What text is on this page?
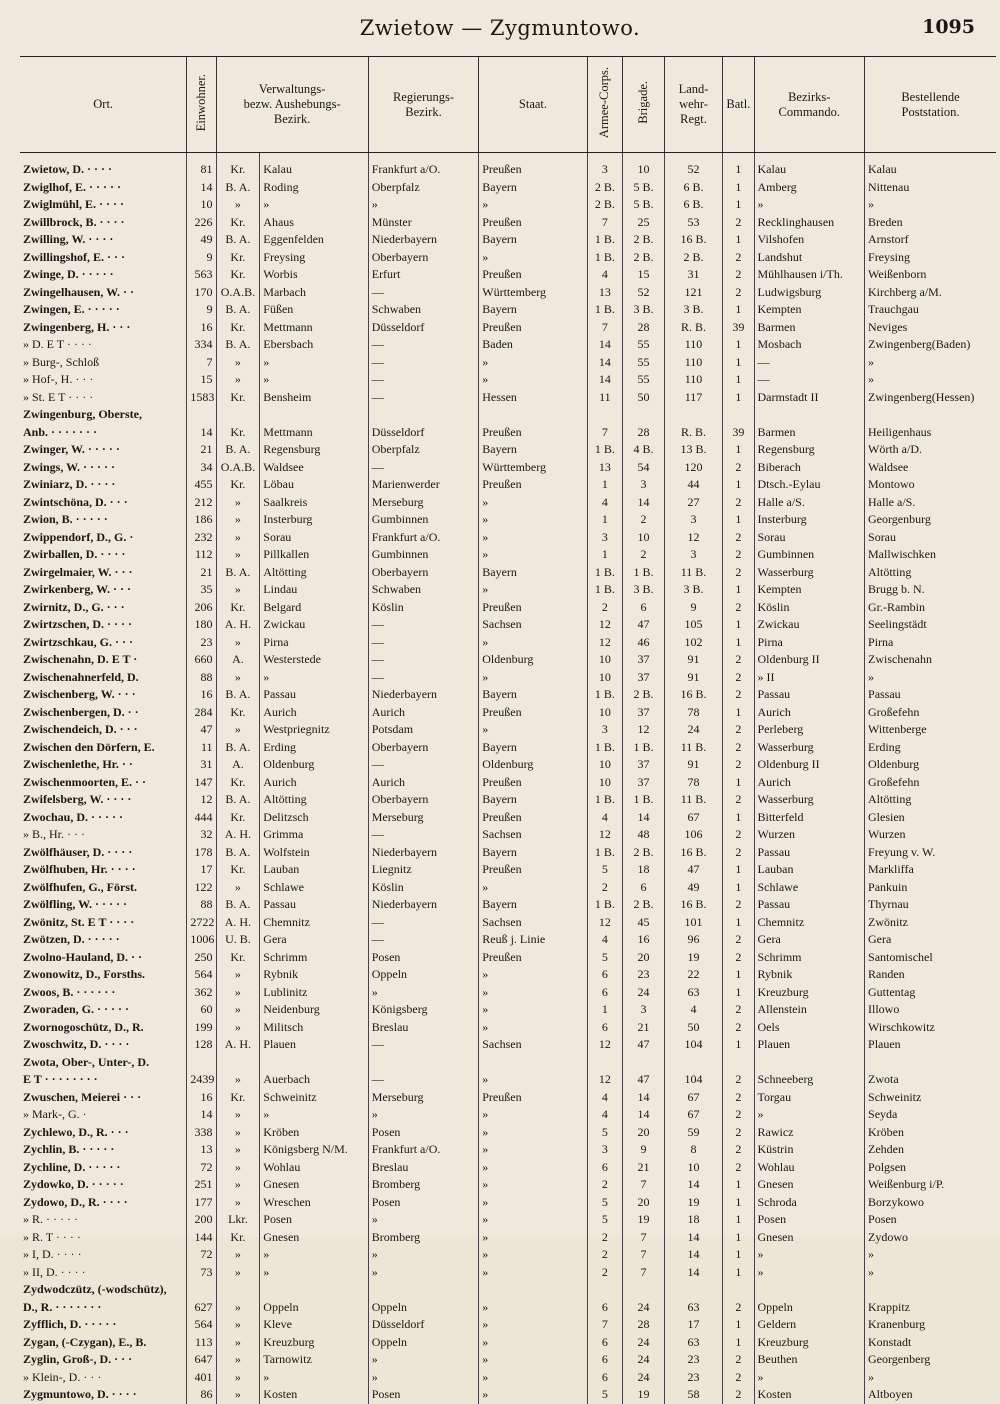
Zwietow — Zygmuntowo.	1095
Ort.	Einwohner.	Verwaltungs-
bezw. Aushebungs-
Bezirk.		Regierungs-
Bezirk.	Staat.	Armee-Corps.	Brigade.	Land-
wehr-
Regt.	Batl.	Bezirks-
Commando.	Bestellende
Poststation.
Zwietow, D. · · · ·	81	Kr.	Kalau	Frankfurt a/O.	Preußen	3	10	52	1	Kalau	Kalau
Zwiglhof, E. · · · · ·	14	B. A.	Roding	Oberpfalz	Bayern	2 B.	5 B.	6 B.	1	Amberg	Nittenau
Zwiglmühl, E. · · · ·	10	»	»	»	»	2 B.	5 B.	6 B.	1	»	»
Zwillbrock, B. · · · ·	226	Kr.	Ahaus	Münster	Preußen	7	25	53	2	Recklinghausen	Breden
Zwilling, W. · · · ·	49	B. A.	Eggenfelden	Niederbayern	Bayern	1 B.	2 B.	16 B.	1	Vilshofen	Arnstorf
Zwillingshof, E. · · ·	9	Kr.	Freysing	Oberbayern	»	1 B.	2 B.	2 B.	2	Landshut	Freysing
Zwinge, D. · · · · ·	563	Kr.	Worbis	Erfurt	Preußen	4	15	31	2	Mühlhausen i/Th.	Weißenborn
Zwingelhausen, W. · ·	170	O.A.B.	Marbach	—	Württemberg	13	52	121	2	Ludwigsburg	Kirchberg a/M.
Zwingen, E. · · · · ·	9	B. A.	Füßen	Schwaben	Bayern	1 B.	3 B.	3 B.	1	Kempten	Trauchgau
Zwingenberg, H. · · ·	16	Kr.	Mettmann	Düsseldorf	Preußen	7	28	R. B.	39	Barmen	Neviges
» D. E T · · · ·	334	B. A.	Ebersbach	—	Baden	14	55	110	1	Mosbach	Zwingenberg(Baden)
» Burg-, Schloß	7	»	»	—	»	14	55	110	1	—	»
» Hof-, H. · · ·	15	»	»	—	»	14	55	110	1	—	»
» St. E T · · · ·	1583	Kr.	Bensheim	—	Hessen	11	50	117	1	Darmstadt II	Zwingenberg(Hessen)
Zwingenburg, Oberste,											
Anb. · · · · · · ·	14	Kr.	Mettmann	Düsseldorf	Preußen	7	28	R. B.	39	Barmen	Heiligenhaus
Zwinger, W. · · · · ·	21	B. A.	Regensburg	Oberpfalz	Bayern	1 B.	4 B.	13 B.	1	Regensburg	Wörth a/D.
Zwings, W. · · · · ·	34	O.A.B.	Waldsee	—	Württemberg	13	54	120	2	Biberach	Waldsee
Zwiniarz, D. · · · ·	455	Kr.	Löbau	Marienwerder	Preußen	1	3	44	1	Dtsch.-Eylau	Montowo
Zwintschöna, D. · · ·	212	»	Saalkreis	Merseburg	»	4	14	27	2	Halle a/S.	Halle a/S.
Zwion, B. · · · · ·	186	»	Insterburg	Gumbinnen	»	1	2	3	1	Insterburg	Georgenburg
Zwippendorf, D., G. ·	232	»	Sorau	Frankfurt a/O.	»	3	10	12	2	Sorau	Sorau
Zwirballen, D. · · · ·	112	»	Pillkallen	Gumbinnen	»	1	2	3	2	Gumbinnen	Mallwischken
Zwirgelmaier, W. · · ·	21	B. A.	Altötting	Oberbayern	Bayern	1 B.	1 B.	11 B.	2	Wasserburg	Altötting
Zwirkenberg, W. · · ·	35	»	Lindau	Schwaben	»	1 B.	3 B.	3 B.	1	Kempten	Brugg b. N.
Zwirnitz, D., G. · · ·	206	Kr.	Belgard	Köslin	Preußen	2	6	9	2	Köslin	Gr.-Rambin
Zwirtzschen, D. · · · ·	180	A. H.	Zwickau	—	Sachsen	12	47	105	1	Zwickau	Seelingstädt
Zwirtzschkau, G. · · ·	23	»	Pirna	—	»	12	46	102	1	Pirna	Pirna
Zwischenahn, D. E T ·	660	A.	Westerstede	—	Oldenburg	10	37	91	2	Oldenburg II	Zwischenahn
Zwischenahnerfeld, D.	88	»	»	—	»	10	37	91	2	» II	»
Zwischenberg, W. · · ·	16	B. A.	Passau	Niederbayern	Bayern	1 B.	2 B.	16 B.	2	Passau	Passau
Zwischenbergen, D. · ·	284	Kr.	Aurich	Aurich	Preußen	10	37	78	1	Aurich	Großefehn
Zwischendeich, D. · · ·	47	»	Westpriegnitz	Potsdam	»	3	12	24	2	Perleberg	Wittenberge
Zwischen den Dörfern, E.	11	B. A.	Erding	Oberbayern	Bayern	1 B.	1 B.	11 B.	2	Wasserburg	Erding
Zwischenlethe, Hr. · ·	31	A.	Oldenburg	—	Oldenburg	10	37	91	2	Oldenburg II	Oldenburg
Zwischenmoorten, E. · ·	147	Kr.	Aurich	Aurich	Preußen	10	37	78	1	Aurich	Großefehn
Zwifelsberg, W. · · · ·	12	B. A.	Altötting	Oberbayern	Bayern	1 B.	1 B.	11 B.	2	Wasserburg	Altötting
Zwochau, D. · · · · ·	444	Kr.	Delitzsch	Merseburg	Preußen	4	14	67	1	Bitterfeld	Glesien
» B., Hr. · · ·	32	A. H.	Grimma	—	Sachsen	12	48	106	2	Wurzen	Wurzen
Zwölfhäuser, D. · · · ·	178	B. A.	Wolfstein	Niederbayern	Bayern	1 B.	2 B.	16 B.	2	Passau	Freyung v. W.
Zwölfhuben, Hr. · · · ·	17	Kr.	Lauban	Liegnitz	Preußen	5	18	47	1	Lauban	Markliffa
Zwölfhufen, G., Först.	122	»	Schlawe	Köslin	»	2	6	49	1	Schlawe	Pankuin
Zwölfling, W. · · · · ·	88	B. A.	Passau	Niederbayern	Bayern	1 B.	2 B.	16 B.	2	Passau	Thyrnau
Zwönitz, St. E T · · · ·	2722	A. H.	Chemnitz	—	Sachsen	12	45	101	1	Chemnitz	Zwönitz
Zwötzen, D. · · · · ·	1006	U. B.	Gera	—	Reuß j. Linie	4	16	96	2	Gera	Gera
Zwolno-Hauland, D. · ·	250	Kr.	Schrimm	Posen	Preußen	5	20	19	2	Schrimm	Santomischel
Zwonowitz, D., Forsths.	564	»	Rybnik	Oppeln	»	6	23	22	1	Rybnik	Randen
Zwoos, B. · · · · · ·	362	»	Lublinitz	»	»	6	24	63	1	Kreuzburg	Guttentag
Zworaden, G. · · · · ·	60	»	Neidenburg	Königsberg	»	1	3	4	2	Allenstein	Illowo
Zwornogoschütz, D., R.	199	»	Militsch	Breslau	»	6	21	50	2	Oels	Wirschkowitz
Zwoschwitz, D. · · · ·	128	A. H.	Plauen	—	Sachsen	12	47	104	1	Plauen	Plauen
Zwota, Ober-, Unter-, D.											
E T · · · · · · · ·	2439	»	Auerbach	—	»	12	47	104	2	Schneeberg	Zwota
Zwuschen, Meierei · · ·	16	Kr.	Schweinitz	Merseburg	Preußen	4	14	67	2	Torgau	Schweinitz
» Mark-, G. ·	14	»	»	»	»	4	14	67	2	»	Seyda
Zychlewo, D., R. · · ·	338	»	Kröben	Posen	»	5	20	59	2	Rawicz	Kröben
Zychlin, B. · · · · ·	13	»	Königsberg N/M.	Frankfurt a/O.	»	3	9	8	2	Küstrin	Zehden
Zychline, D. · · · · ·	72	»	Wohlau	Breslau	»	6	21	10	2	Wohlau	Polgsen
Zydowko, D. · · · · ·	251	»	Gnesen	Bromberg	»	2	7	14	1	Gnesen	Weißenburg i/P.
Zydowo, D., R. · · · ·	177	»	Wreschen	Posen	»	5	20	19	1	Schroda	Borzykowo
» R. · · · · ·	200	Lkr.	Posen	»	»	5	19	18	1	Posen	Posen
» R. T · · · ·	144	Kr.	Gnesen	Bromberg	»	2	7	14	1	Gnesen	Zydowo
» I, D. · · · ·	72	»	»	»	»	2	7	14	1	»	»
» II, D. · · · ·	73	»	»	»	»	2	7	14	1	»	»
Zydwodczütz, (-wodschütz),											
D., R. · · · · · · ·	627	»	Oppeln	Oppeln	»	6	24	63	2	Oppeln	Krappitz
Zyfflich, D. · · · · ·	564	»	Kleve	Düsseldorf	»	7	28	17	1	Geldern	Kranenburg
Zygan, (-Czygan), E., B.	113	»	Kreuzburg	Oppeln	»	6	24	63	1	Kreuzburg	Konstadt
Zyglin, Groß-, D. · · ·	647	»	Tarnowitz	»	»	6	24	23	2	Beuthen	Georgenberg
» Klein-, D. · · ·	401	»	»	»	»	6	24	23	2	»	»
Zygmuntowo, D. · · · ·	86	»	Kosten	Posen	»	5	19	58	2	Kosten	Altboyen
